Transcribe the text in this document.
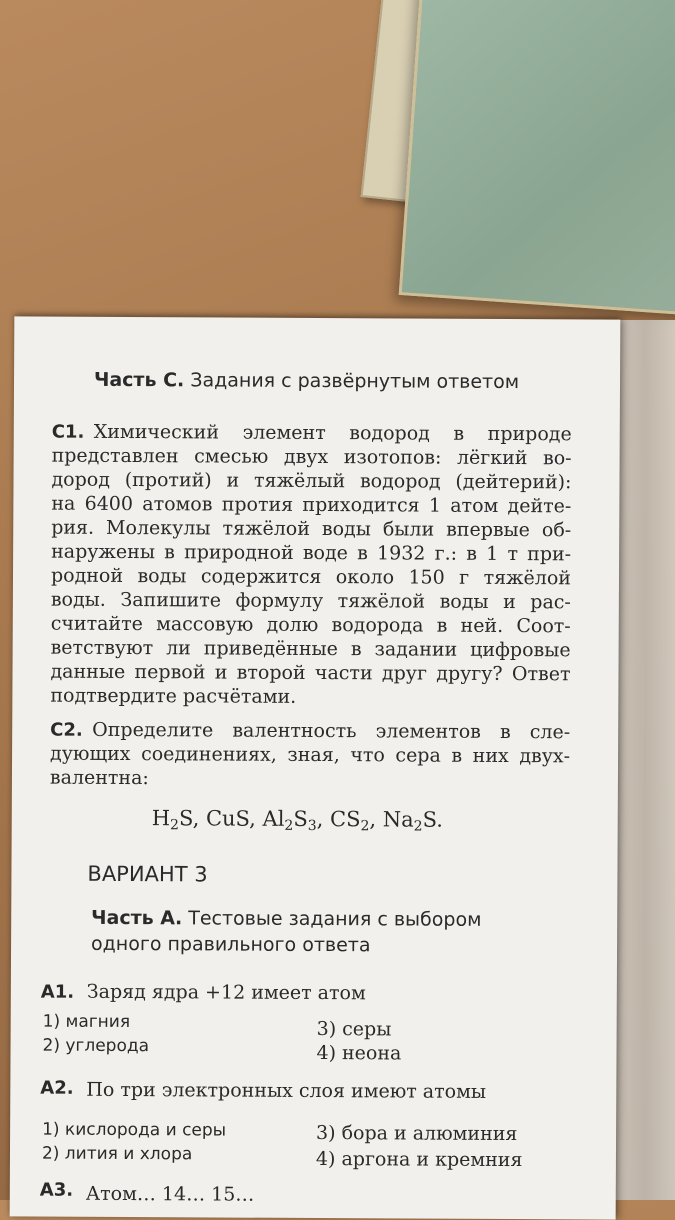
Часть С. Задания с развёрнутым ответом
С1. Химический элемент водород в природе
представлен смесью двух изотопов: лёгкий во-
дород (протий) и тяжёлый водород (дейтерий):
на 6400 атомов протия приходится 1 атом дейте-
рия. Молекулы тяжёлой воды были впервые об-
наружены в природной воде в 1932 г.: в 1 т при-
родной воды содержится около 150 г тяжёлой
воды. Запишите формулу тяжёлой воды и рас-
считайте массовую долю водорода в ней. Соот-
ветствуют ли приведённые в задании цифровые
данные первой и второй части друг другу? Ответ
подтвердите расчётами.
С2. Определите валентность элементов в сле-
дующих соединениях, зная, что сера в них двух-
валентна:
$H_2S$, CuS, $Al_2S_3$, $CS_2$, $Na_2S$.
ВАРИАНТ 3
Часть А. Тестовые задания с выбором
одного правильного ответа
А1. Заряд ядра +12 имеет атом
1) магния
2) углерода
3) серы
4) неона
А2. По три электронных слоя имеют атомы
1) кислорода и серы
2) лития и хлора
3) бора и алюминия
4) аргона и кремния
А3. Атом… 14… 15…
